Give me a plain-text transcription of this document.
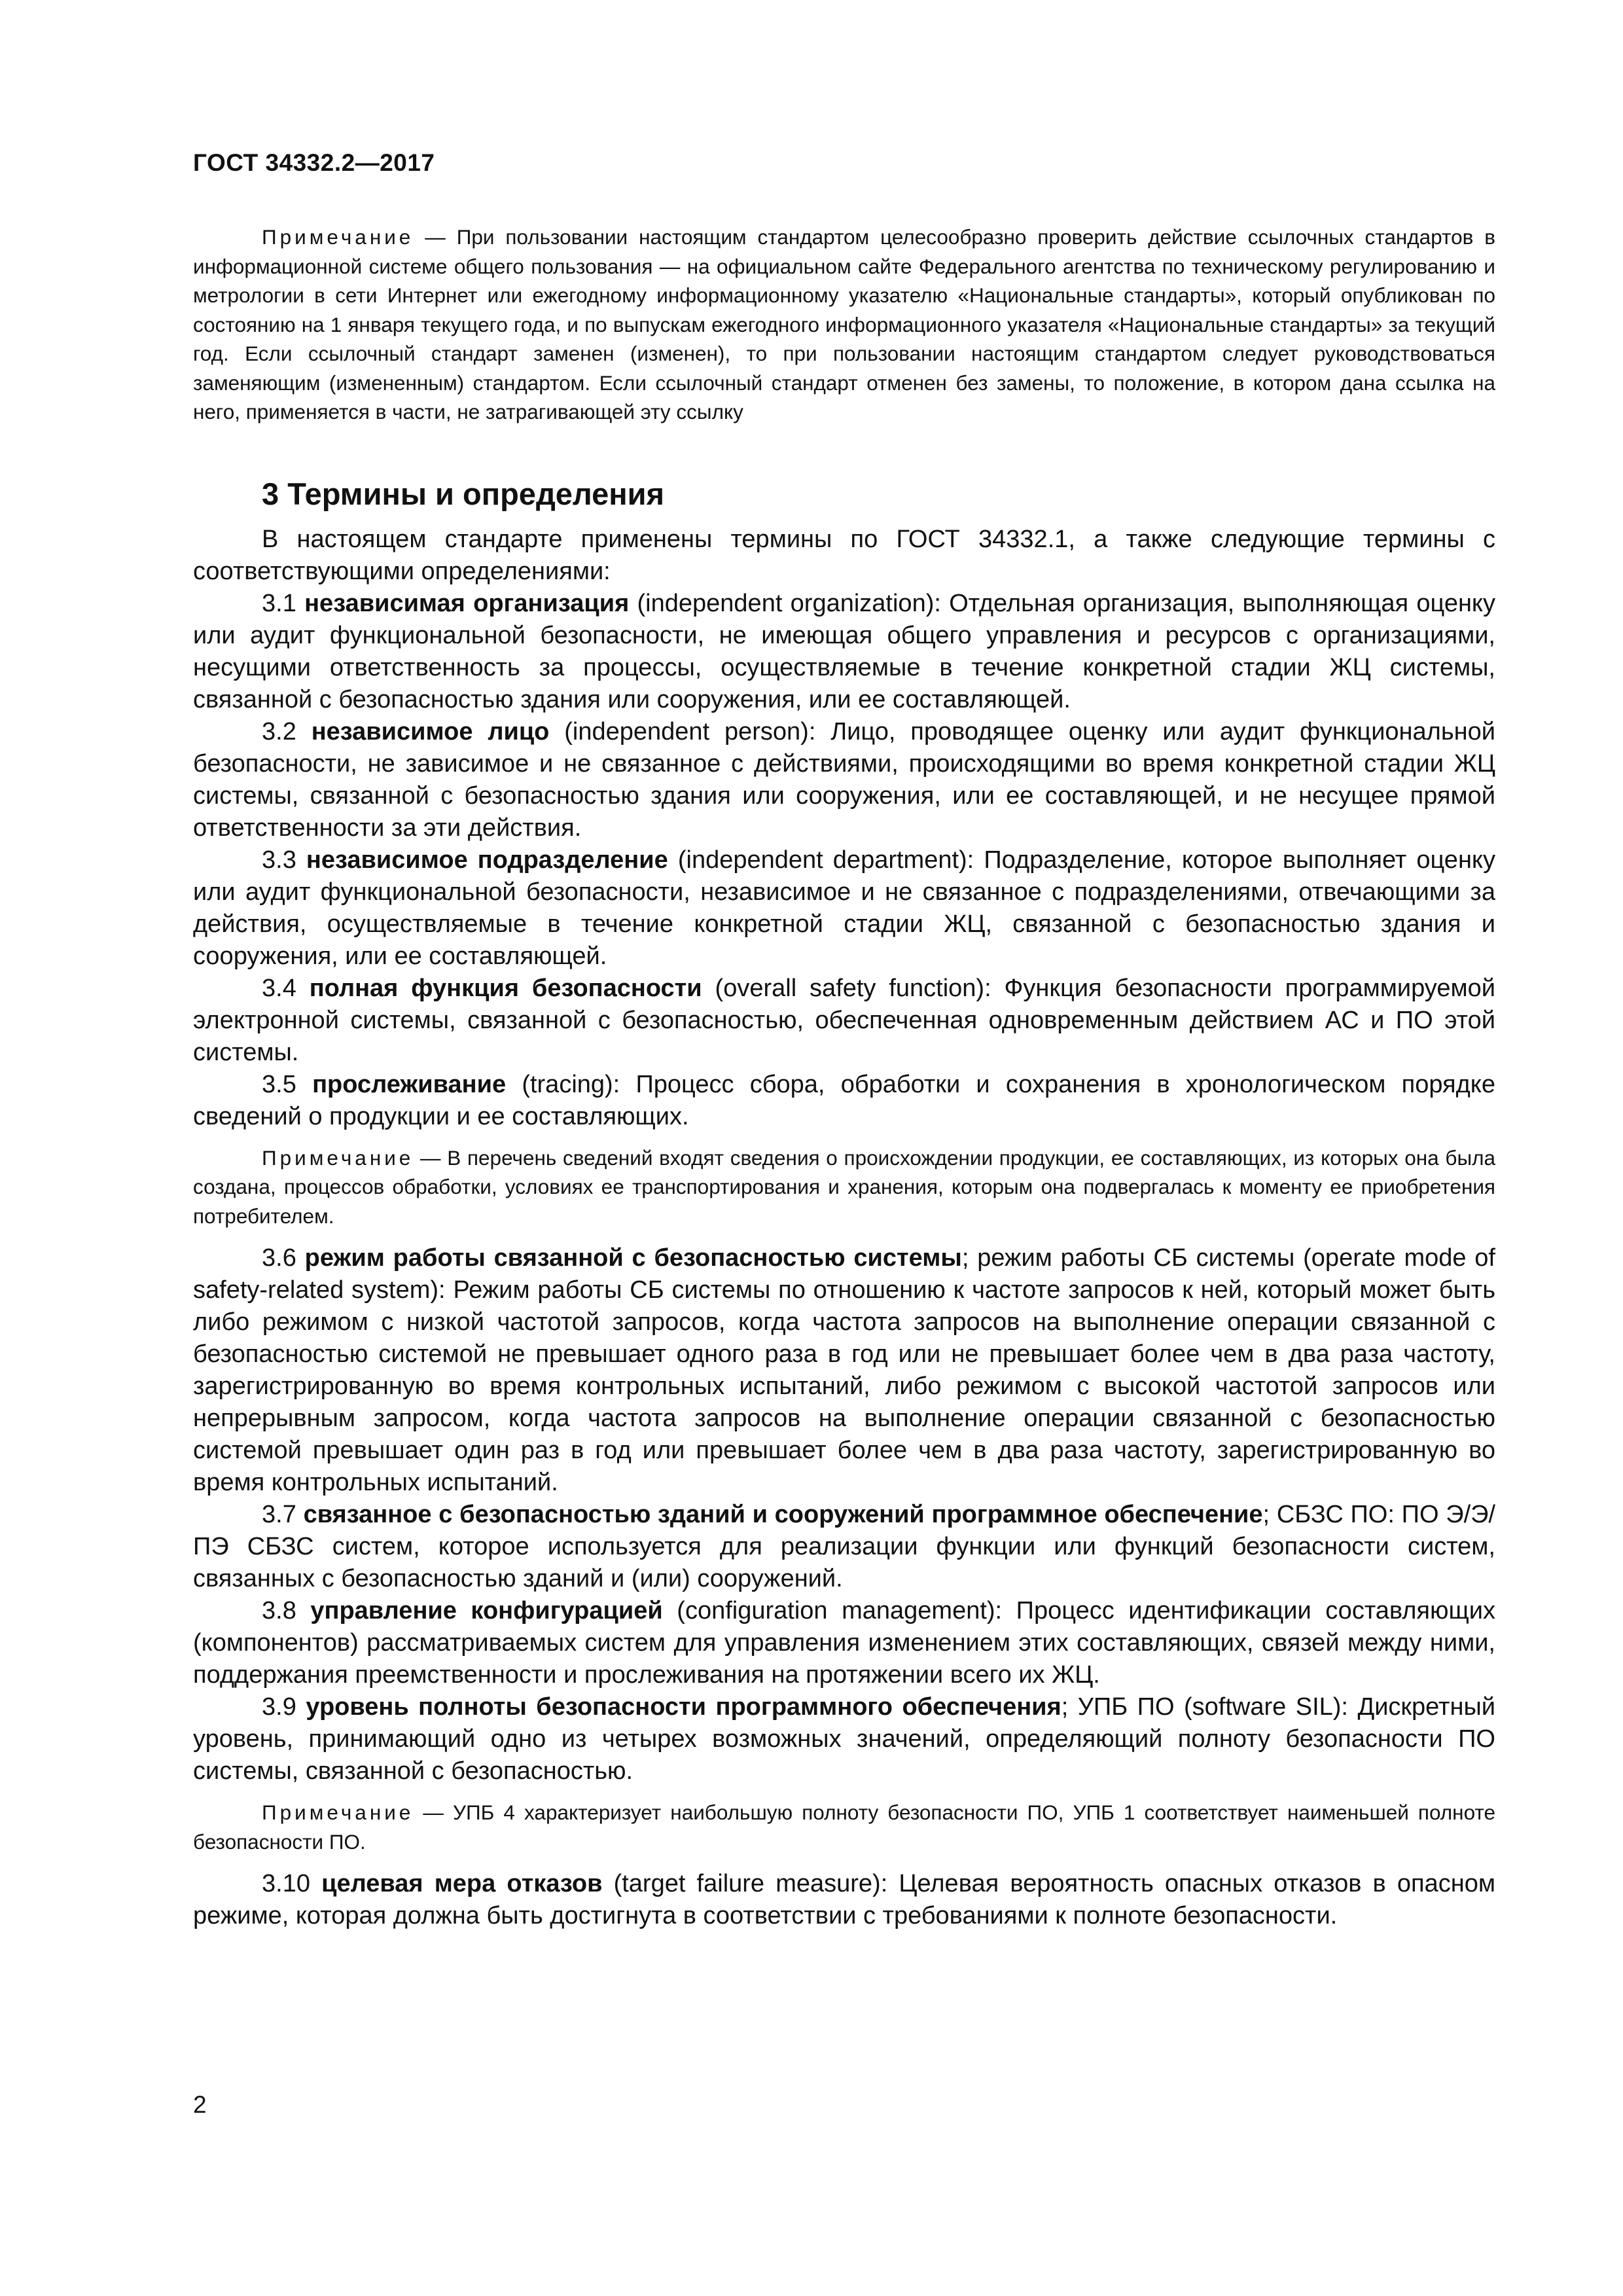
ГОСТ 34332.2—2017

Примечание — При пользовании настоящим стандартом целесообразно проверить действие ссылочных стандартов в информационной системе общего пользования — на официальном сайте Федерального агентства по техническому регулированию и метрологии в сети Интернет или ежегодному информационному указателю «Национальные стандарты», который опубликован по состоянию на 1 января текущего года, и по выпускам ежегодного информационного указателя «Национальные стандарты» за текущий год. Если ссылочный стандарт заменен (изменен), то при пользовании настоящим стандартом следует руководствоваться заменяющим (измененным) стандартом. Если ссылочный стандарт отменен без замены, то положение, в котором дана ссылка на него, применяется в части, не затрагивающей эту ссылку

3 Термины и определения

В настоящем стандарте применены термины по ГОСТ 34332.1, а также следующие термины с соответствующими определениями:

3.1 независимая организация (independent organization): Отдельная организация, выполняющая оценку или аудит функциональной безопасности, не имеющая общего управления и ресурсов с организациями, несущими ответственность за процессы, осуществляемые в течение конкретной стадии ЖЦ системы, связанной с безопасностью здания или сооружения, или ее составляющей.

3.2 независимое лицо (independent person): Лицо, проводящее оценку или аудит функциональной безопасности, не зависимое и не связанное с действиями, происходящими во время конкретной стадии ЖЦ системы, связанной с безопасностью здания или сооружения, или ее составляющей, и не несущее прямой ответственности за эти действия.

3.3 независимое подразделение (independent department): Подразделение, которое выполняет оценку или аудит функциональной безопасности, независимое и не связанное с подразделениями, отвечающими за действия, осуществляемые в течение конкретной стадии ЖЦ, связанной с безопасностью здания и сооружения, или ее составляющей.

3.4 полная функция безопасности (overall safety function): Функция безопасности программируемой электронной системы, связанной с безопасностью, обеспеченная одновременным действием АС и ПО этой системы.

3.5 прослеживание (tracing): Процесс сбора, обработки и сохранения в хронологическом порядке сведений о продукции и ее составляющих.

Примечание — В перечень сведений входят сведения о происхождении продукции, ее составляющих, из которых она была создана, процессов обработки, условиях ее транспортирования и хранения, которым она подвергалась к моменту ее приобретения потребителем.

3.6 режим работы связанной с безопасностью системы; режим работы СБ системы (operate mode of safety-related system): Режим работы СБ системы по отношению к частоте запросов к ней, который может быть либо режимом с низкой частотой запросов, когда частота запросов на выполнение операции связанной с безопасностью системой не превышает одного раза в год или не превышает более чем в два раза частоту, зарегистрированную во время контрольных испытаний, либо режимом с высокой частотой запросов или непрерывным запросом, когда частота запросов на выполнение операции связанной с безопасностью системой превышает один раз в год или превышает более чем в два раза частоту, зарегистрированную во время контрольных испытаний.

3.7 связанное с безопасностью зданий и сооружений программное обеспечение; СБЗС ПО: ПО Э/Э/ПЭ СБЗС систем, которое используется для реализации функции или функций безопасности систем, связанных с безопасностью зданий и (или) сооружений.

3.8 управление конфигурацией (configuration management): Процесс идентификации составляющих (компонентов) рассматриваемых систем для управления изменением этих составляющих, связей между ними, поддержания преемственности и прослеживания на протяжении всего их ЖЦ.

3.9 уровень полноты безопасности программного обеспечения; УПБ ПО (software SIL): Дискретный уровень, принимающий одно из четырех возможных значений, определяющий полноту безопасности ПО системы, связанной с безопасностью.

Примечание — УПБ 4 характеризует наибольшую полноту безопасности ПО, УПБ 1 соответствует наименьшей полноте безопасности ПО.

3.10 целевая мера отказов (target failure measure): Целевая вероятность опасных отказов в опасном режиме, которая должна быть достигнута в соответствии с требованиями к полноте безопасности.

2
